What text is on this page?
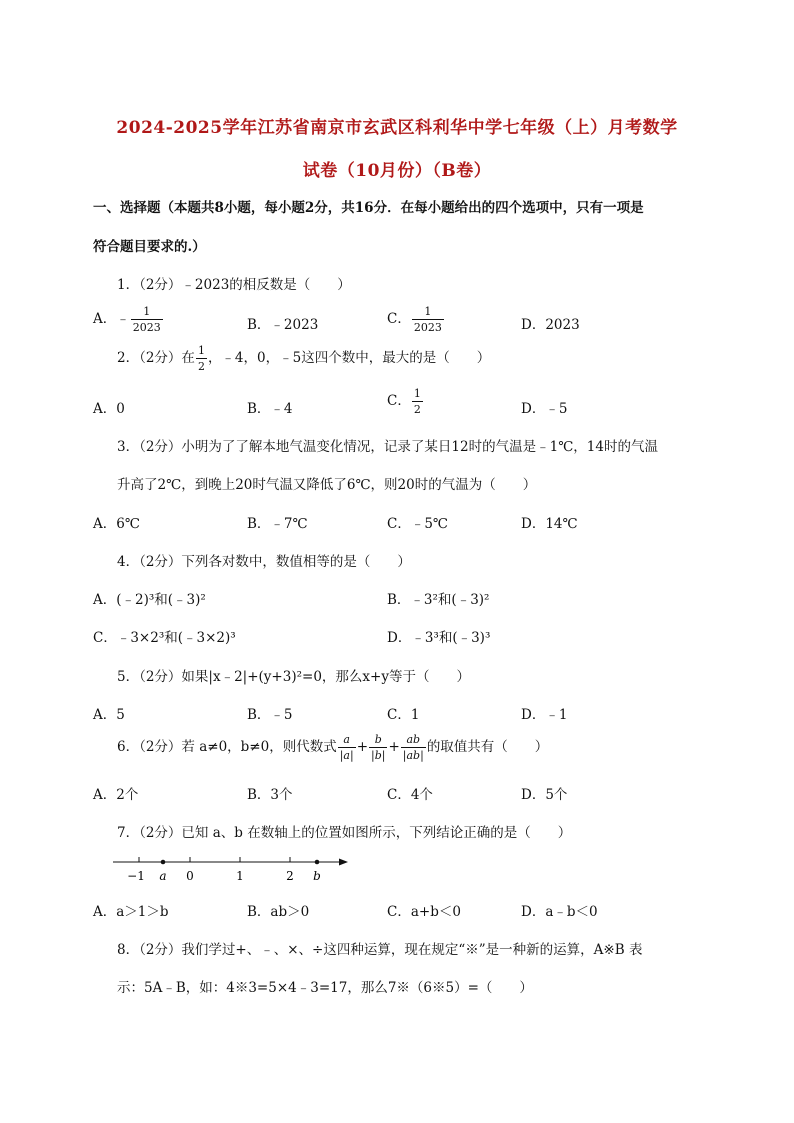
2024-2025学年江苏省南京市玄武区科利华中学七年级（上）月考数学
试卷（10月份）（B卷）
一、选择题（本题共8小题，每小题2分，共16分．在每小题给出的四个选项中，只有一项是
符合题目要求的.）
1．（2分）﹣2023的相反数是（　　）
A．﹣ $\frac{1}{2023}$	B．﹣2023	C． $\frac{1}{2023}$	D．2023
2．（2分）在 $\frac{1}{2}$ ，﹣4，0，﹣5这四个数中，最大的是（　　）
A．0	B．﹣4	C． $\frac{1}{2}$	D．﹣5
3．（2分）小明为了了解本地气温变化情况，记录了某日12时的气温是﹣1℃，14时的气温
升高了2℃，到晚上20时气温又降低了6℃，则20时的气温为（　　）
A．6℃	B．﹣7℃	C．﹣5℃	D．14℃
4．（2分）下列各对数中，数值相等的是（　　）
A．(﹣2)³和(﹣3)²	B．﹣3²和(﹣3)²
C．﹣3×2³和(﹣3×2)³	D．﹣3³和(﹣3)³
5．（2分）如果|x﹣2|+(y+3)²=0，那么x+y等于（　　）
A．5	B．﹣5	C．1	D．﹣1
6．（2分）若 a≠0，b≠0，则代数式 $\frac{a}{|a|} + \frac{b}{|b|} + \frac{ab}{|ab|}$ 的取值共有（　　）
A．2个	B．3个	C．4个	D．5个
7．（2分）已知 a、b 在数轴上的位置如图所示，下列结论正确的是（　　）
−1 a 0	1	2 b
A．a＞1＞b	B．ab＞0	C．a+b＜0	D．a﹣b＜0
8．（2分）我们学过+、﹣、×、÷这四种运算，现在规定“※”是一种新的运算，A※B 表
示：5A﹣B，如：4※3=5×4﹣3=17，那么7※（6※5）=（　　）
